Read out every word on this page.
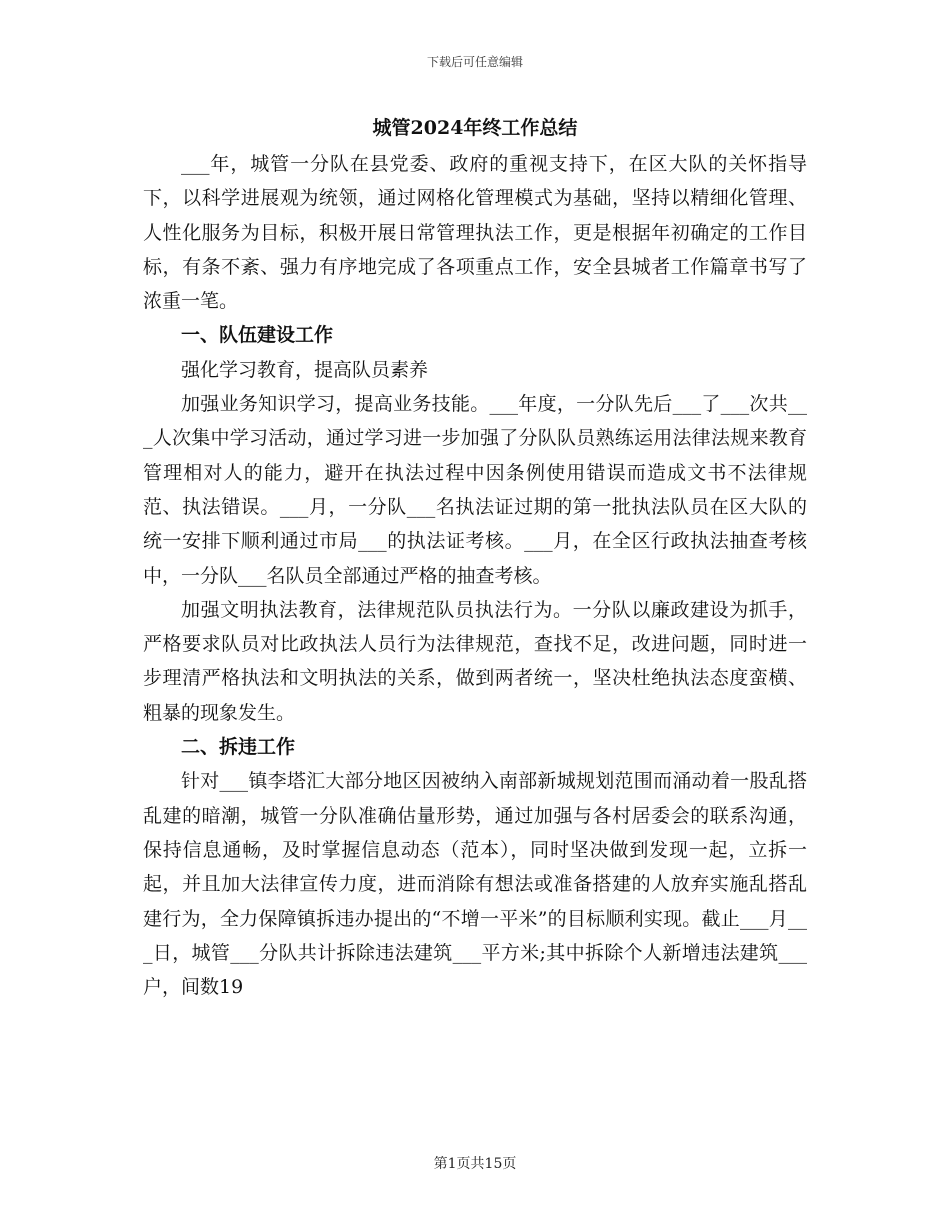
下载后可任意编辑
城管2024年终工作总结

___年，城管一分队在县党委、政府的重视支持下，在区大队的关怀指导下，以科学进展观为统领，通过网格化管理模式为基础，坚持以精细化管理、人性化服务为目标，积极开展日常管理执法工作，更是根据年初确定的工作目标，有条不紊、强力有序地完成了各项重点工作，安全县城者工作篇章书写了浓重一笔。

一、队伍建设工作

强化学习教育，提高队员素养

加强业务知识学习，提高业务技能。___年度，一分队先后___了___次共___人次集中学习活动，通过学习进一步加强了分队队员熟练运用法律法规来教育管理相对人的能力，避开在执法过程中因条例使用错误而造成文书不法律规范、执法错误。___月，一分队___名执法证过期的第一批执法队员在区大队的统一安排下顺利通过市局___的执法证考核。___月，在全区行政执法抽查考核中，一分队___名队员全部通过严格的抽查考核。

加强文明执法教育，法律规范队员执法行为。一分队以廉政建设为抓手，严格要求队员对比政执法人员行为法律规范，查找不足，改进问题，同时进一步理清严格执法和文明执法的关系，做到两者统一，坚决杜绝执法态度蛮横、粗暴的现象发生。

二、拆违工作

针对___镇李塔汇大部分地区因被纳入南部新城规划范围而涌动着一股乱搭乱建的暗潮，城管一分队准确估量形势，通过加强与各村居委会的联系沟通，保持信息通畅，及时掌握信息动态（范本），同时坚决做到发现一起，立拆一起，并且加大法律宣传力度，进而消除有想法或准备搭建的人放弃实施乱搭乱建行为，全力保障镇拆违办提出的“不增一平米”的目标顺利实现。截止___月___日，城管___分队共计拆除违法建筑___平方米;其中拆除个人新增违法建筑___户，间数19

第1页共15页
